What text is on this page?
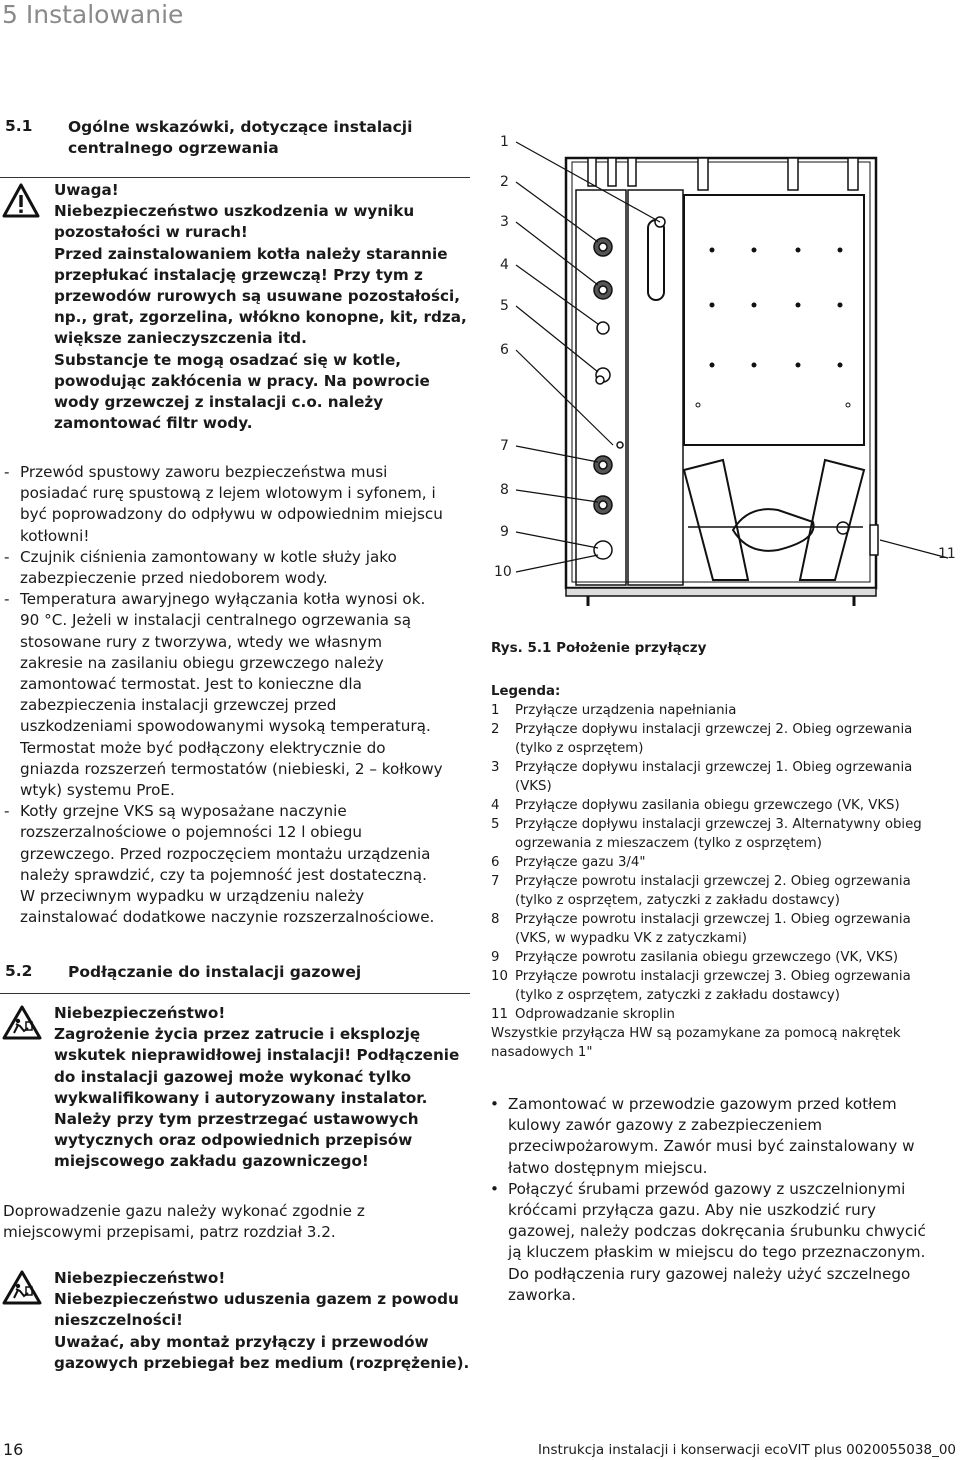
5 Instalowanie
5.1 Ogólne wskazówki, dotyczące instalacji
centralnego ogrzewania
Uwaga!
Niebezpieczeństwo uszkodzenia w wyniku
pozostałości w rurach!
Przed zainstalowaniem kotła należy starannie
przepłukać instalację grzewczą! Przy tym z
przewodów rurowych są usuwane pozostałości,
np., grat, zgorzelina, włókno konopne, kit, rdza,
większe zanieczyszczenia itd.
Substancje te mogą osadzać się w kotle,
powodując zakłócenia w pracy. Na powrocie
wody grzewczej z instalacji c.o. należy
zamontować filtr wody.
- Przewód spustowy zaworu bezpieczeństwa musi
posiadać rurę spustową z lejem wlotowym i syfonem, i
być poprowadzony do odpływu w odpowiednim miejscu
kotłowni!
- Czujnik ciśnienia zamontowany w kotle służy jako
zabezpieczenie przed niedoborem wody.
- Temperatura awaryjnego wyłączania kotła wynosi ok.
90 °C. Jeżeli w instalacji centralnego ogrzewania są
stosowane rury z tworzywa, wtedy we własnym
zakresie na zasilaniu obiegu grzewczego należy
zamontować termostat. Jest to konieczne dla
zabezpieczenia instalacji grzewczej przed
uszkodzeniami spowodowanymi wysoką temperaturą.
Termostat może być podłączony elektrycznie do
gniazda rozszerzeń termostatów (niebieski, 2 – kołkowy
wtyk) systemu ProE.
- Kotły grzejne VKS są wyposażane naczynie
rozszerzalnościowe o pojemności 12 l obiegu
grzewczego. Przed rozpoczęciem montażu urządzenia
należy sprawdzić, czy ta pojemność jest dostateczną.
W przeciwnym wypadku w urządzeniu należy
zainstalować dodatkowe naczynie rozszerzalnościowe.
5.2 Podłączanie do instalacji gazowej
Niebezpieczeństwo!
Zagrożenie życia przez zatrucie i eksplozję
wskutek nieprawidłowej instalacji! Podłączenie
do instalacji gazowej może wykonać tylko
wykwalifikowany i autoryzowany instalator.
Należy przy tym przestrzegać ustawowych
wytycznych oraz odpowiednich przepisów
miejscowego zakładu gazowniczego!
Doprowadzenie gazu należy wykonać zgodnie z
miejscowymi przepisami, patrz rozdział 3.2.
Niebezpieczeństwo!
Niebezpieczeństwo uduszenia gazem z powodu
nieszczelności!
Uważać, aby montaż przyłączy i przewodów
gazowych przebiegał bez medium (rozprężenie).
1
2
3
4
5
6
7
8
9
10
11
Rys. 5.1 Położenie przyłączy
Legenda:
1 Przyłącze urządzenia napełniania
2 Przyłącze dopływu instalacji grzewczej 2. Obieg ogrzewania
(tylko z osprzętem)
3 Przyłącze dopływu instalacji grzewczej 1. Obieg ogrzewania
(VKS)
4 Przyłącze dopływu zasilania obiegu grzewczego (VK, VKS)
5 Przyłącze dopływu instalacji grzewczej 3. Alternatywny obieg
ogrzewania z mieszaczem (tylko z osprzętem)
6 Przyłącze gazu 3/4"
7 Przyłącze powrotu instalacji grzewczej 2. Obieg ogrzewania
(tylko z osprzętem, zatyczki z zakładu dostawcy)
8 Przyłącze powrotu instalacji grzewczej 1. Obieg ogrzewania
(VKS, w wypadku VK z zatyczkami)
9 Przyłącze powrotu zasilania obiegu grzewczego (VK, VKS)
10 Przyłącze powrotu instalacji grzewczej 3. Obieg ogrzewania
(tylko z osprzętem, zatyczki z zakładu dostawcy)
11 Odprowadzanie skroplin
Wszystkie przyłącza HW są pozamykane za pomocą nakrętek
nasadowych 1"
• Zamontować w przewodzie gazowym przed kotłem
kulowy zawór gazowy z zabezpieczeniem
przeciwpożarowym. Zawór musi być zainstalowany w
łatwo dostępnym miejscu.
• Połączyć śrubami przewód gazowy z uszczelnionymi
króćcami przyłącza gazu. Aby nie uszkodzić rury
gazowej, należy podczas dokręcania śrubunku chwycić
ją kluczem płaskim w miejscu do tego przeznaczonym.
Do podłączenia rury gazowej należy użyć szczelnego
zaworka.
16	Instrukcja instalacji i konserwacji ecoVIT plus 0020055038_00
